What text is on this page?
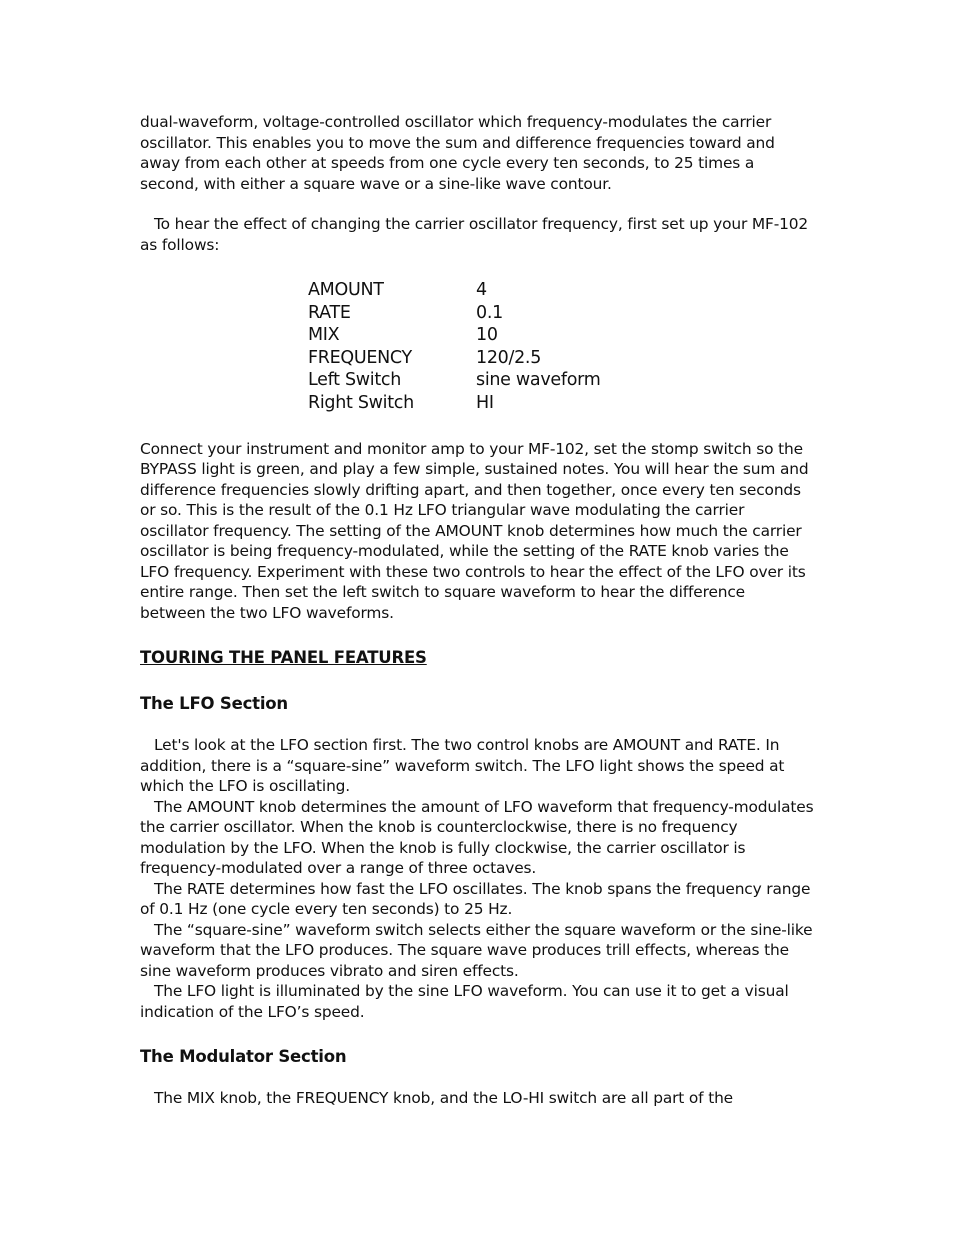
dual-waveform, voltage-controlled oscillator which frequency-modulates the carrier oscillator. This enables you to move the sum and difference frequencies toward and away from each other at speeds from one cycle every ten seconds, to 25 times a second, with either a square wave or a sine-like wave contour.

To hear the effect of changing the carrier oscillator frequency, first set up your MF-102 as follows:

AMOUNT	4
RATE	0.1
MIX	10
FREQUENCY	120/2.5
Left Switch	sine waveform
Right Switch	HI

Connect your instrument and monitor amp to your MF-102, set the stomp switch so the BYPASS light is green, and play a few simple, sustained notes. You will hear the sum and difference frequencies slowly drifting apart, and then together, once every ten seconds or so. This is the result of the 0.1 Hz LFO triangular wave modulating the carrier oscillator frequency. The setting of the AMOUNT knob determines how much the carrier oscillator is being frequency-modulated, while the setting of the RATE knob varies the LFO frequency. Experiment with these two controls to hear the effect of the LFO over its entire range. Then set the left switch to square waveform to hear the difference between the two LFO waveforms.

TOURING THE PANEL FEATURES
The LFO Section

Let's look at the LFO section first. The two control knobs are AMOUNT and RATE. In addition, there is a “square-sine” waveform switch. The LFO light shows the speed at which the LFO is oscillating.

The AMOUNT knob determines the amount of LFO waveform that frequency-modulates the carrier oscillator. When the knob is counterclockwise, there is no frequency modulation by the LFO. When the knob is fully clockwise, the carrier oscillator is frequency-modulated over a range of three octaves.

The RATE determines how fast the LFO oscillates. The knob spans the frequency range of 0.1 Hz (one cycle every ten seconds) to 25 Hz.

The “square-sine” waveform switch selects either the square waveform or the sine-like waveform that the LFO produces. The square wave produces trill effects, whereas the sine waveform produces vibrato and siren effects.

The LFO light is illuminated by the sine LFO waveform. You can use it to get a visual indication of the LFO’s speed.

The Modulator Section

The MIX knob, the FREQUENCY knob, and the LO-HI switch are all part of the
